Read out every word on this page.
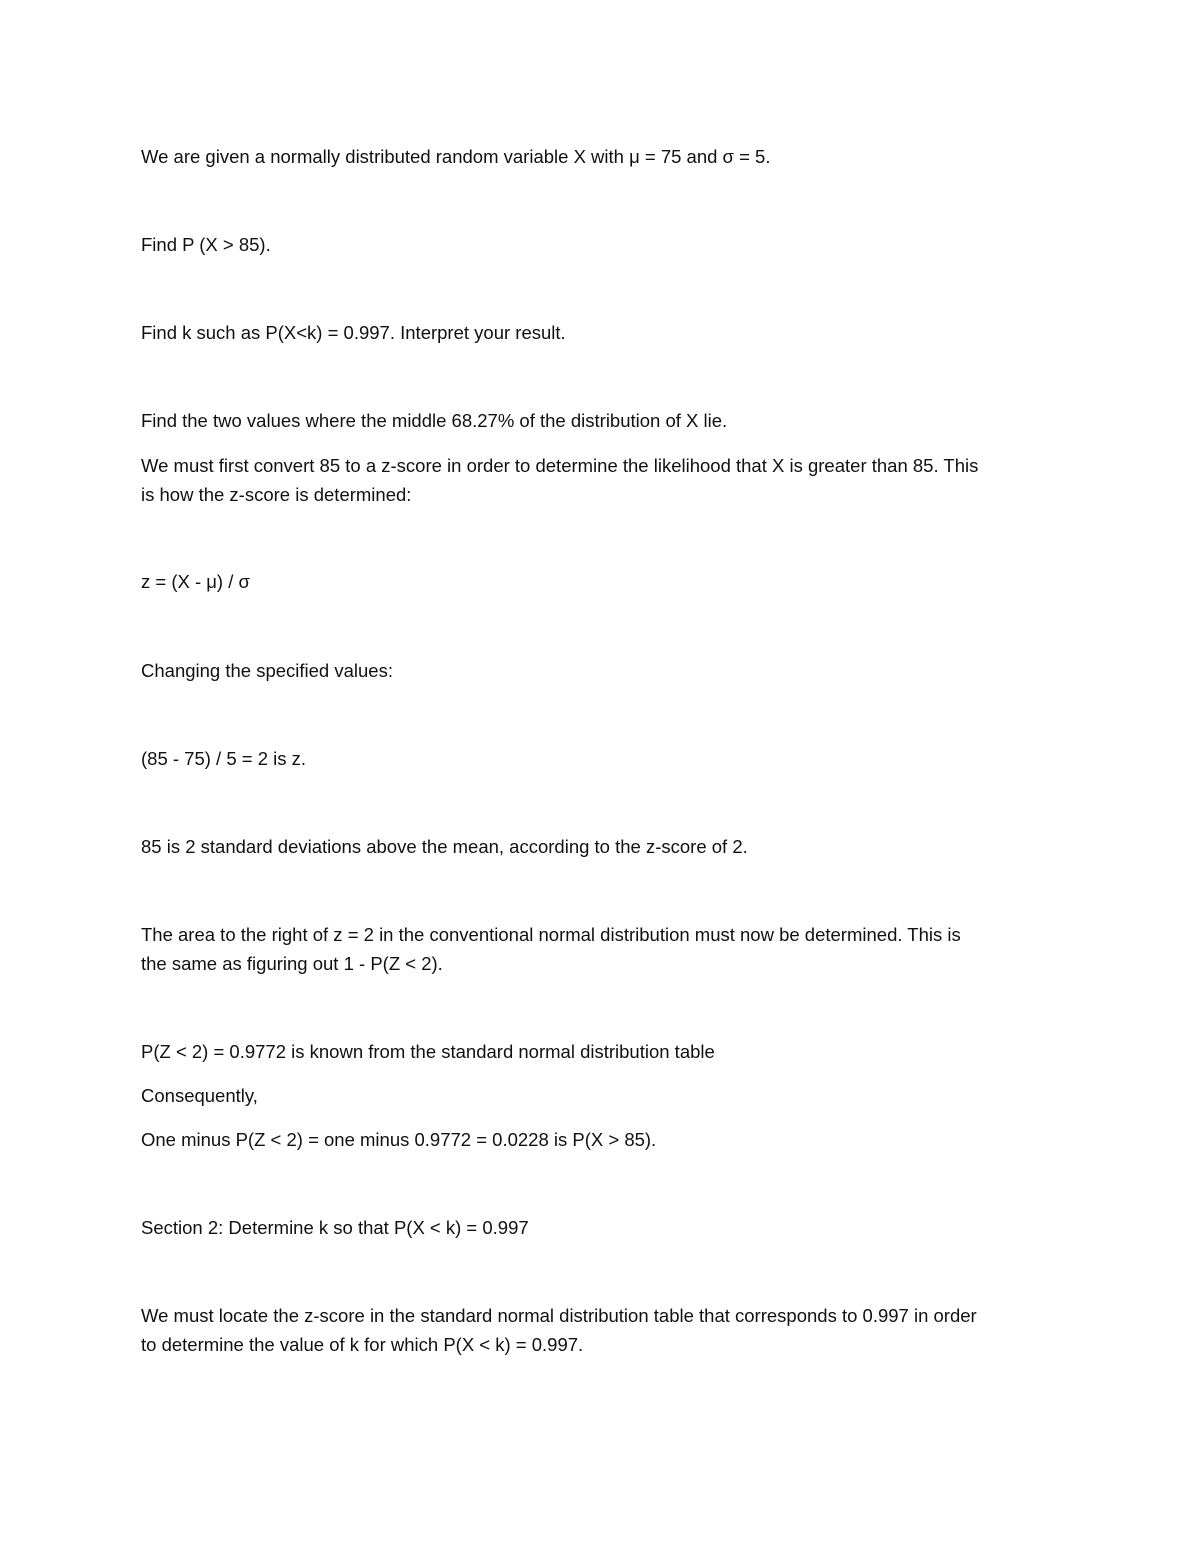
We are given a normally distributed random variable X with μ = 75 and σ = 5.
Find P (X > 85).
Find k such as P(X<k) = 0.997. Interpret your result.
Find the two values where the middle 68.27% of the distribution of X lie.
We must first convert 85 to a z-score in order to determine the likelihood that X is greater than 85. This
is how the z-score is determined:
z = (X - μ) / σ
Changing the specified values:
(85 - 75) / 5 = 2 is z.
85 is 2 standard deviations above the mean, according to the z-score of 2.
The area to the right of z = 2 in the conventional normal distribution must now be determined. This is
the same as figuring out 1 - P(Z < 2).
P(Z < 2) = 0.9772 is known from the standard normal distribution table
Consequently,
One minus P(Z < 2) = one minus 0.9772 = 0.0228 is P(X > 85).
Section 2: Determine k so that P(X < k) = 0.997
We must locate the z-score in the standard normal distribution table that corresponds to 0.997 in order
to determine the value of k for which P(X < k) = 0.997.
